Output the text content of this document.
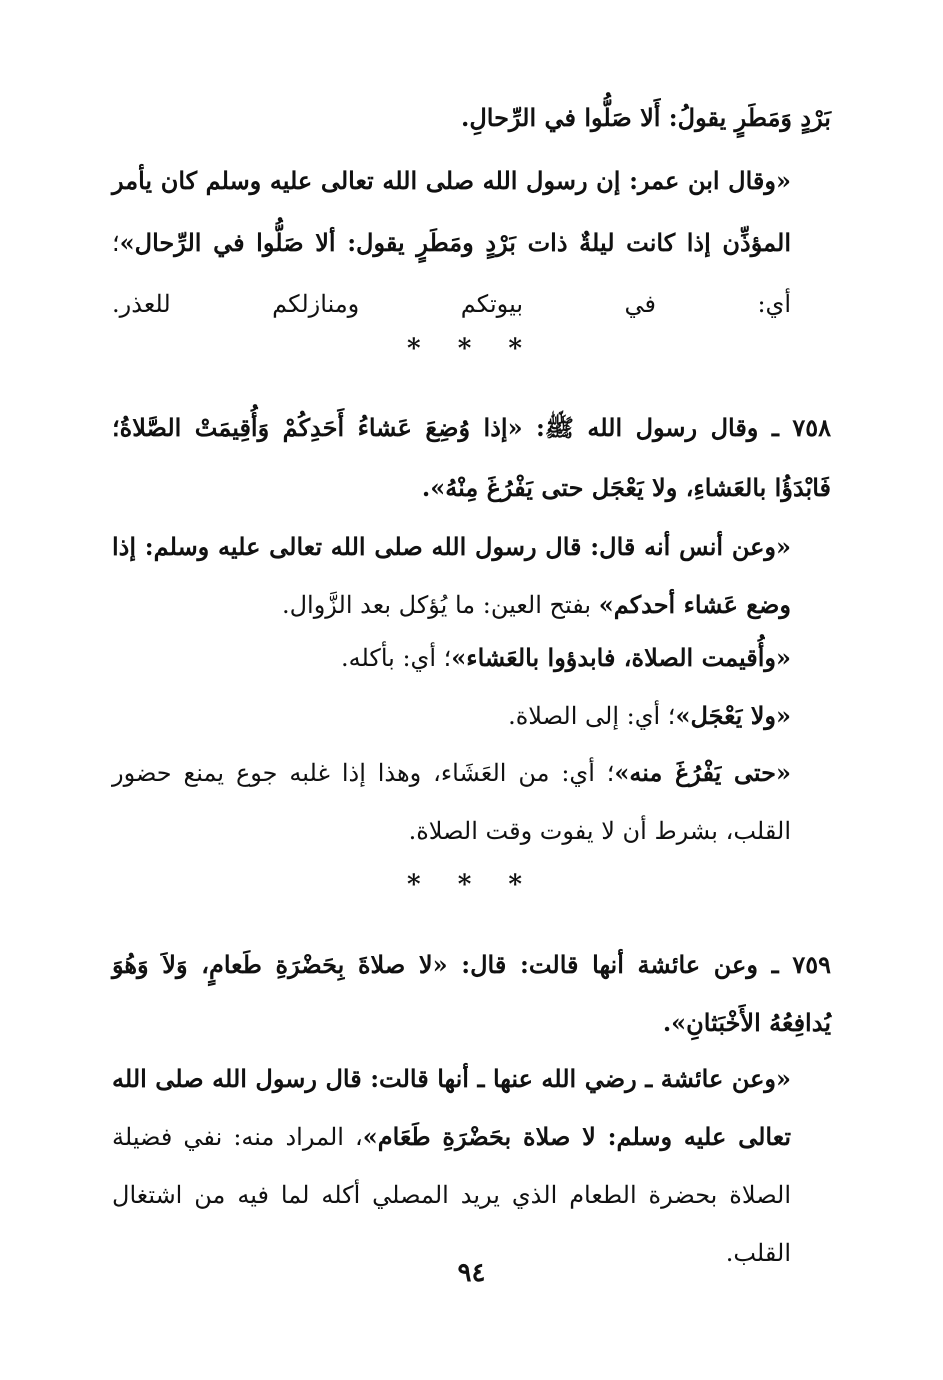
بَرْدٍ وَمَطَرٍ يقولُ: أَلا صَلُّوا في الرِّحالِ.

«وقال ابن عمر: إن رسول الله صلى الله تعالى عليه وسلم كان يأمر المؤذِّن إذا كانت ليلةٌ ذات بَرْدٍ ومَطَرٍ يقول: ألا صَلُّوا في الرِّحال»؛ أي: في بيوتكم ومنازلكم للعذر.

* * *

٧٥٨ ـ وقال رسول الله ﷺ: «إذا وُضِعَ عَشاءُ أَحَدِكُمْ وَأُقِيمَتْ الصَّلاةُ؛ فَابْدَؤُا بالعَشاءِ، ولا يَعْجَل حتى يَفْرُغَ مِنْهُ».

«وعن أنس أنه قال: قال رسول الله صلى الله تعالى عليه وسلم: إذا وضع عَشاء أحدكم» بفتح العين: ما يُؤكل بعد الزَّوال.

«وأُقيمت الصلاة، فابدؤوا بالعَشاء»؛ أي: بأكله.

«ولا يَعْجَل»؛ أي: إلى الصلاة.

«حتى يَفْرُغَ منه»؛ أي: من العَشَاء، وهذا إذا غلبه جوع يمنع حضور القلب، بشرط أن لا يفوت وقت الصلاة.

* * *

٧٥٩ ـ وعن عائشة أنها قالت: قال: «لا صلاةَ بِحَضْرَةِ طَعامٍ، وَلاَ وَهُوَ يُدافِعُهُ الأَخْبَثانِ».

«وعن عائشة ـ رضي الله عنها ـ أنها قالت: قال رسول الله صلى الله تعالى عليه وسلم: لا صلاة بحَضْرَةِ طَعَام»، المراد منه: نفي فضيلة الصلاة بحضرة الطعام الذي يريد المصلي أكله لما فيه من اشتغال القلب.

٩٤
